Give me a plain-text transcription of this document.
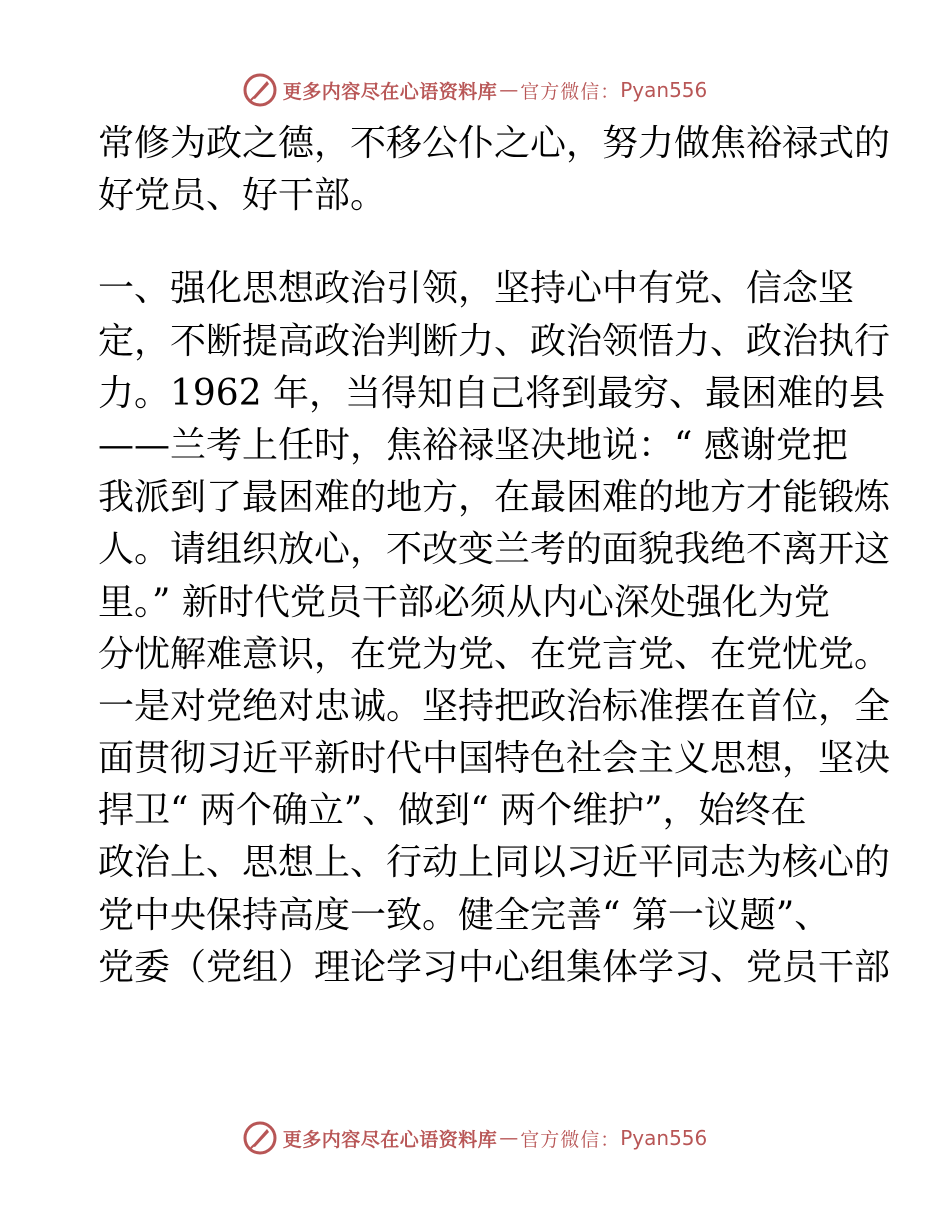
更多内容尽在心语资料库 — 官方微信： Pyan556
常修为政之德，不移公仆之心，努力做焦裕禄式的
好党员、好干部。
一、强化思想政治引领，坚持心中有党、信念坚
定，不断提高政治判断力、政治领悟力、政治执行
力。1962 年，当得知自己将到最穷、最困难的县
——兰考上任时，焦裕禄坚决地说：“ 感谢党把
我派到了最困难的地方，在最困难的地方才能锻炼
人。请组织放心，不改变兰考的面貌我绝不离开这
里。” 新时代党员干部必须从内心深处强化为党
分忧解难意识，在党为党、在党言党、在党忧党。
一是对党绝对忠诚。坚持把政治标准摆在首位，全
面贯彻习近平新时代中国特色社会主义思想，坚决
捍卫“ 两个确立”、做到“ 两个维护”，始终在
政治上、思想上、行动上同以习近平同志为核心的
党中央保持高度一致。健全完善“ 第一议题”、
党委（党组）理论学习中心组集体学习、党员干部
更多内容尽在心语资料库 — 官方微信： Pyan556
